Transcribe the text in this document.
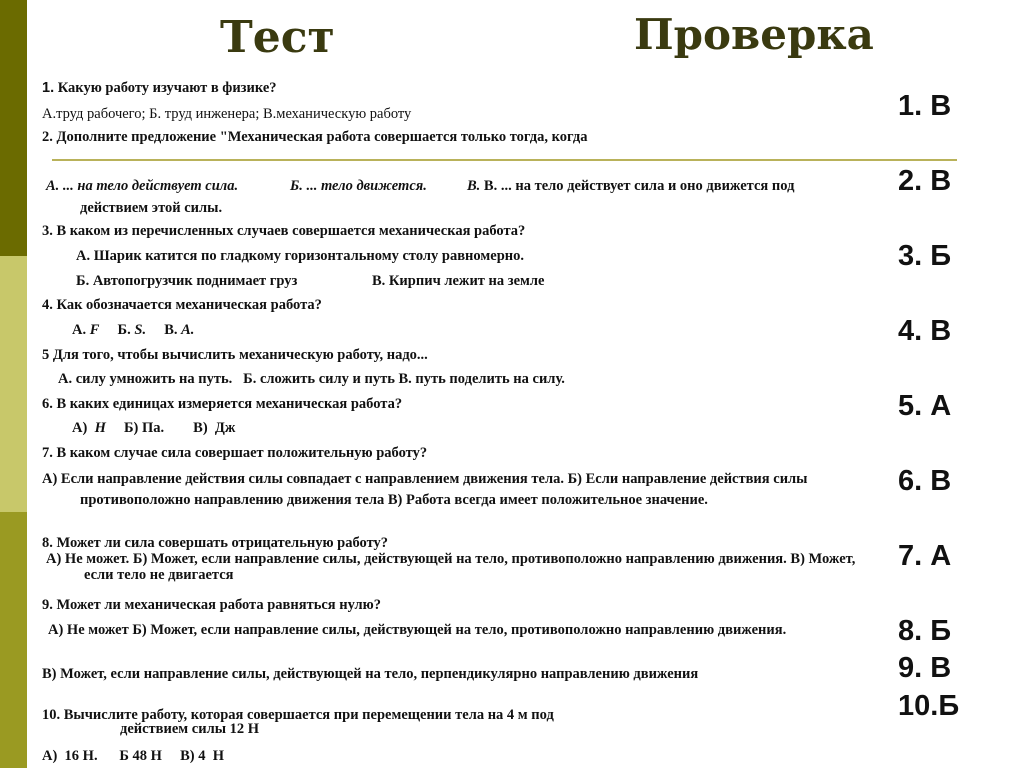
Тест	Проверка
1. Какую работу изучают в физике?
А.труд рабочего; Б. труд инженера; В.механическую работу
2. Дополните предложение "Механическая работа совершается только тогда, когда
А. ... на тело действует сила.	Б. ... тело движется.	В. В. ... на тело действует сила и оно движется под
действием этой силы.
3. В каком из перечисленных случаев совершается механическая работа?
А. Шарик катится по гладкому горизонтальному столу равномерно.
Б. Автопогрузчик поднимает груз	В. Кирпич лежит на земле
4. Как обозначается механическая работа?
А. F Б. S. В. A.
5 Для того, чтобы вычислить механическую работу, надо...
А. силу умножить на путь.   Б. сложить силу и путь В. путь поделить на силу.
6. В каких единицах измеряется механическая работа?
А) Н Б) Па. В)  Дж
7. В каком случае сила совершает положительную работу?
А) Если направление действия силы совпадает с направлением движения тела. Б) Если направление действия силы противоположно направлению движения тела В) Работа всегда имеет положительное значение.
8. Может ли сила совершать отрицательную работу?
А) Не может. Б) Может, если направление силы, действующей на тело, противоположно направлению движения. В) Может, если тело не двигается
9. Может ли механическая работа равняться нулю?
А) Не может Б) Может, если направление силы, действующей на тело, противоположно направлению движения.
В) Может, если направление силы, действующей на тело, перпендикулярно направлению движения
10. Вычислите работу, которая совершается при перемещении тела на 4 м под
действием силы 12 Н
А)  16 Н.      Б 48 Н     В) 4  Н
1. В
2. В
3. Б
4. В
5. А
6. В
7. А
8. Б
9. В
10.Б
